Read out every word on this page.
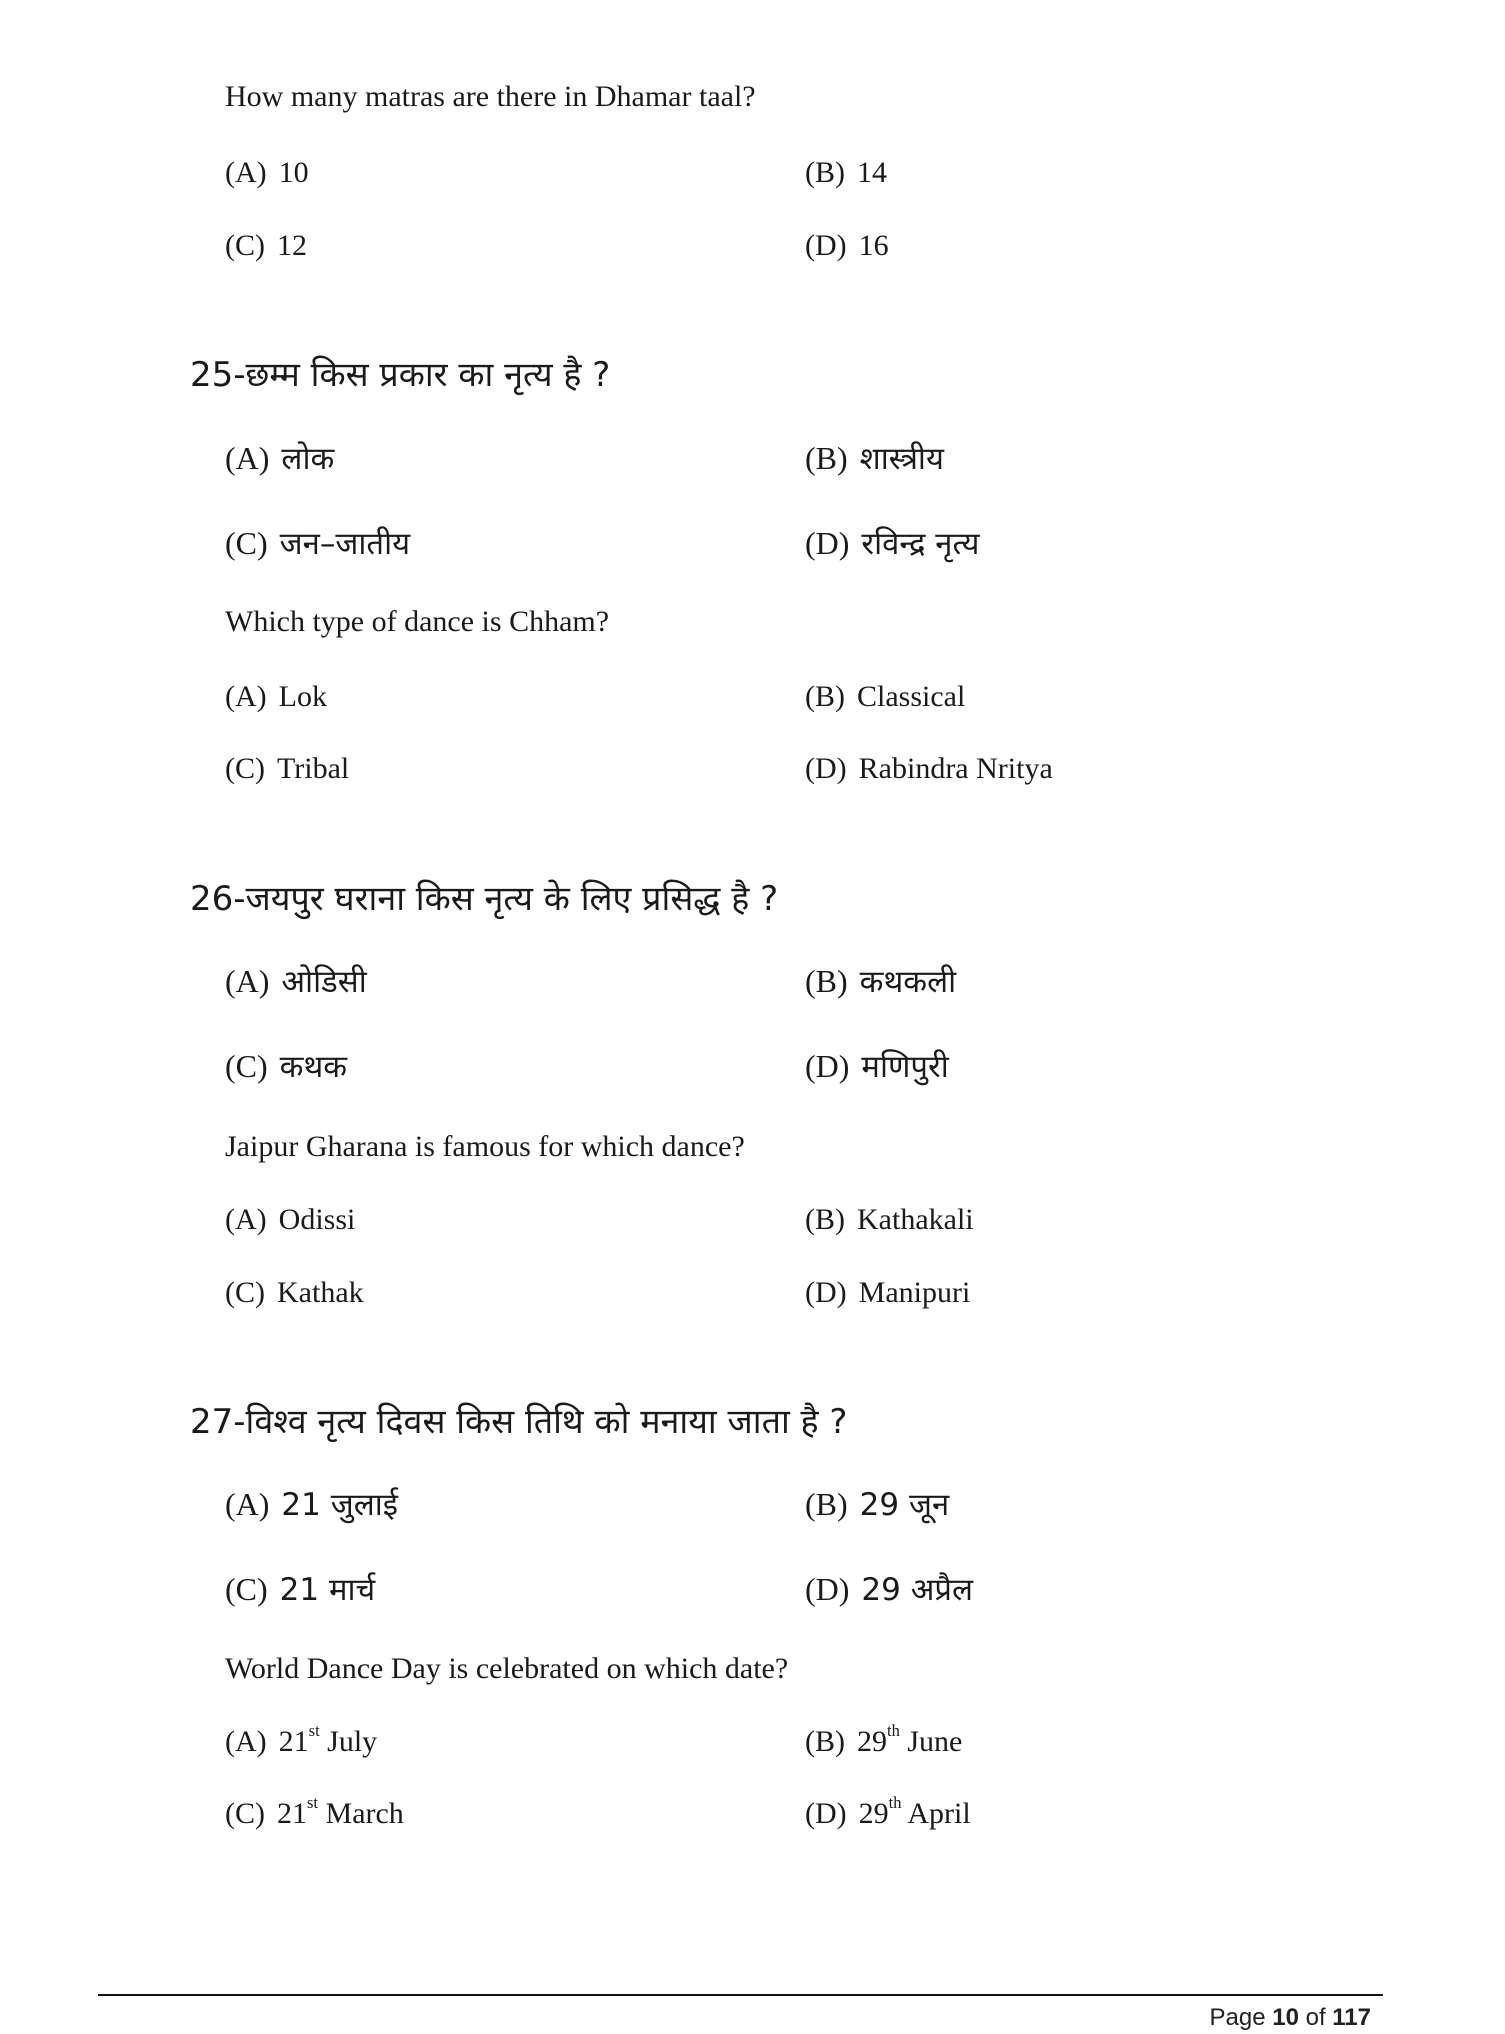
How many matras are there in Dhamar taal?
(A) 10	(B) 14
(C) 12	(D) 16
25-छम्म किस प्रकार का नृत्य है ?
(A) लोक	(B) शास्त्रीय
(C) जन–जातीय	(D) रविन्द्र नृत्य
Which type of dance is Chham?
(A) Lok	(B) Classical
(C) Tribal	(D) Rabindra Nritya
26-जयपुर घराना किस नृत्य के लिए प्रसिद्ध है ?
(A) ओडिसी	(B) कथकली
(C) कथक	(D) मणिपुरी
Jaipur Gharana is famous for which dance?
(A) Odissi	(B) Kathakali
(C) Kathak	(D) Manipuri
27-विश्व नृत्य दिवस किस तिथि को मनाया जाता है ?
(A) 21 जुलाई	(B) 29 जून
(C) 21 मार्च	(D) 29 अप्रैल
World Dance Day is celebrated on which date?
(A) 21st July	(B) 29th June
(C) 21st March	(D) 29th April
Page 10 of 117
